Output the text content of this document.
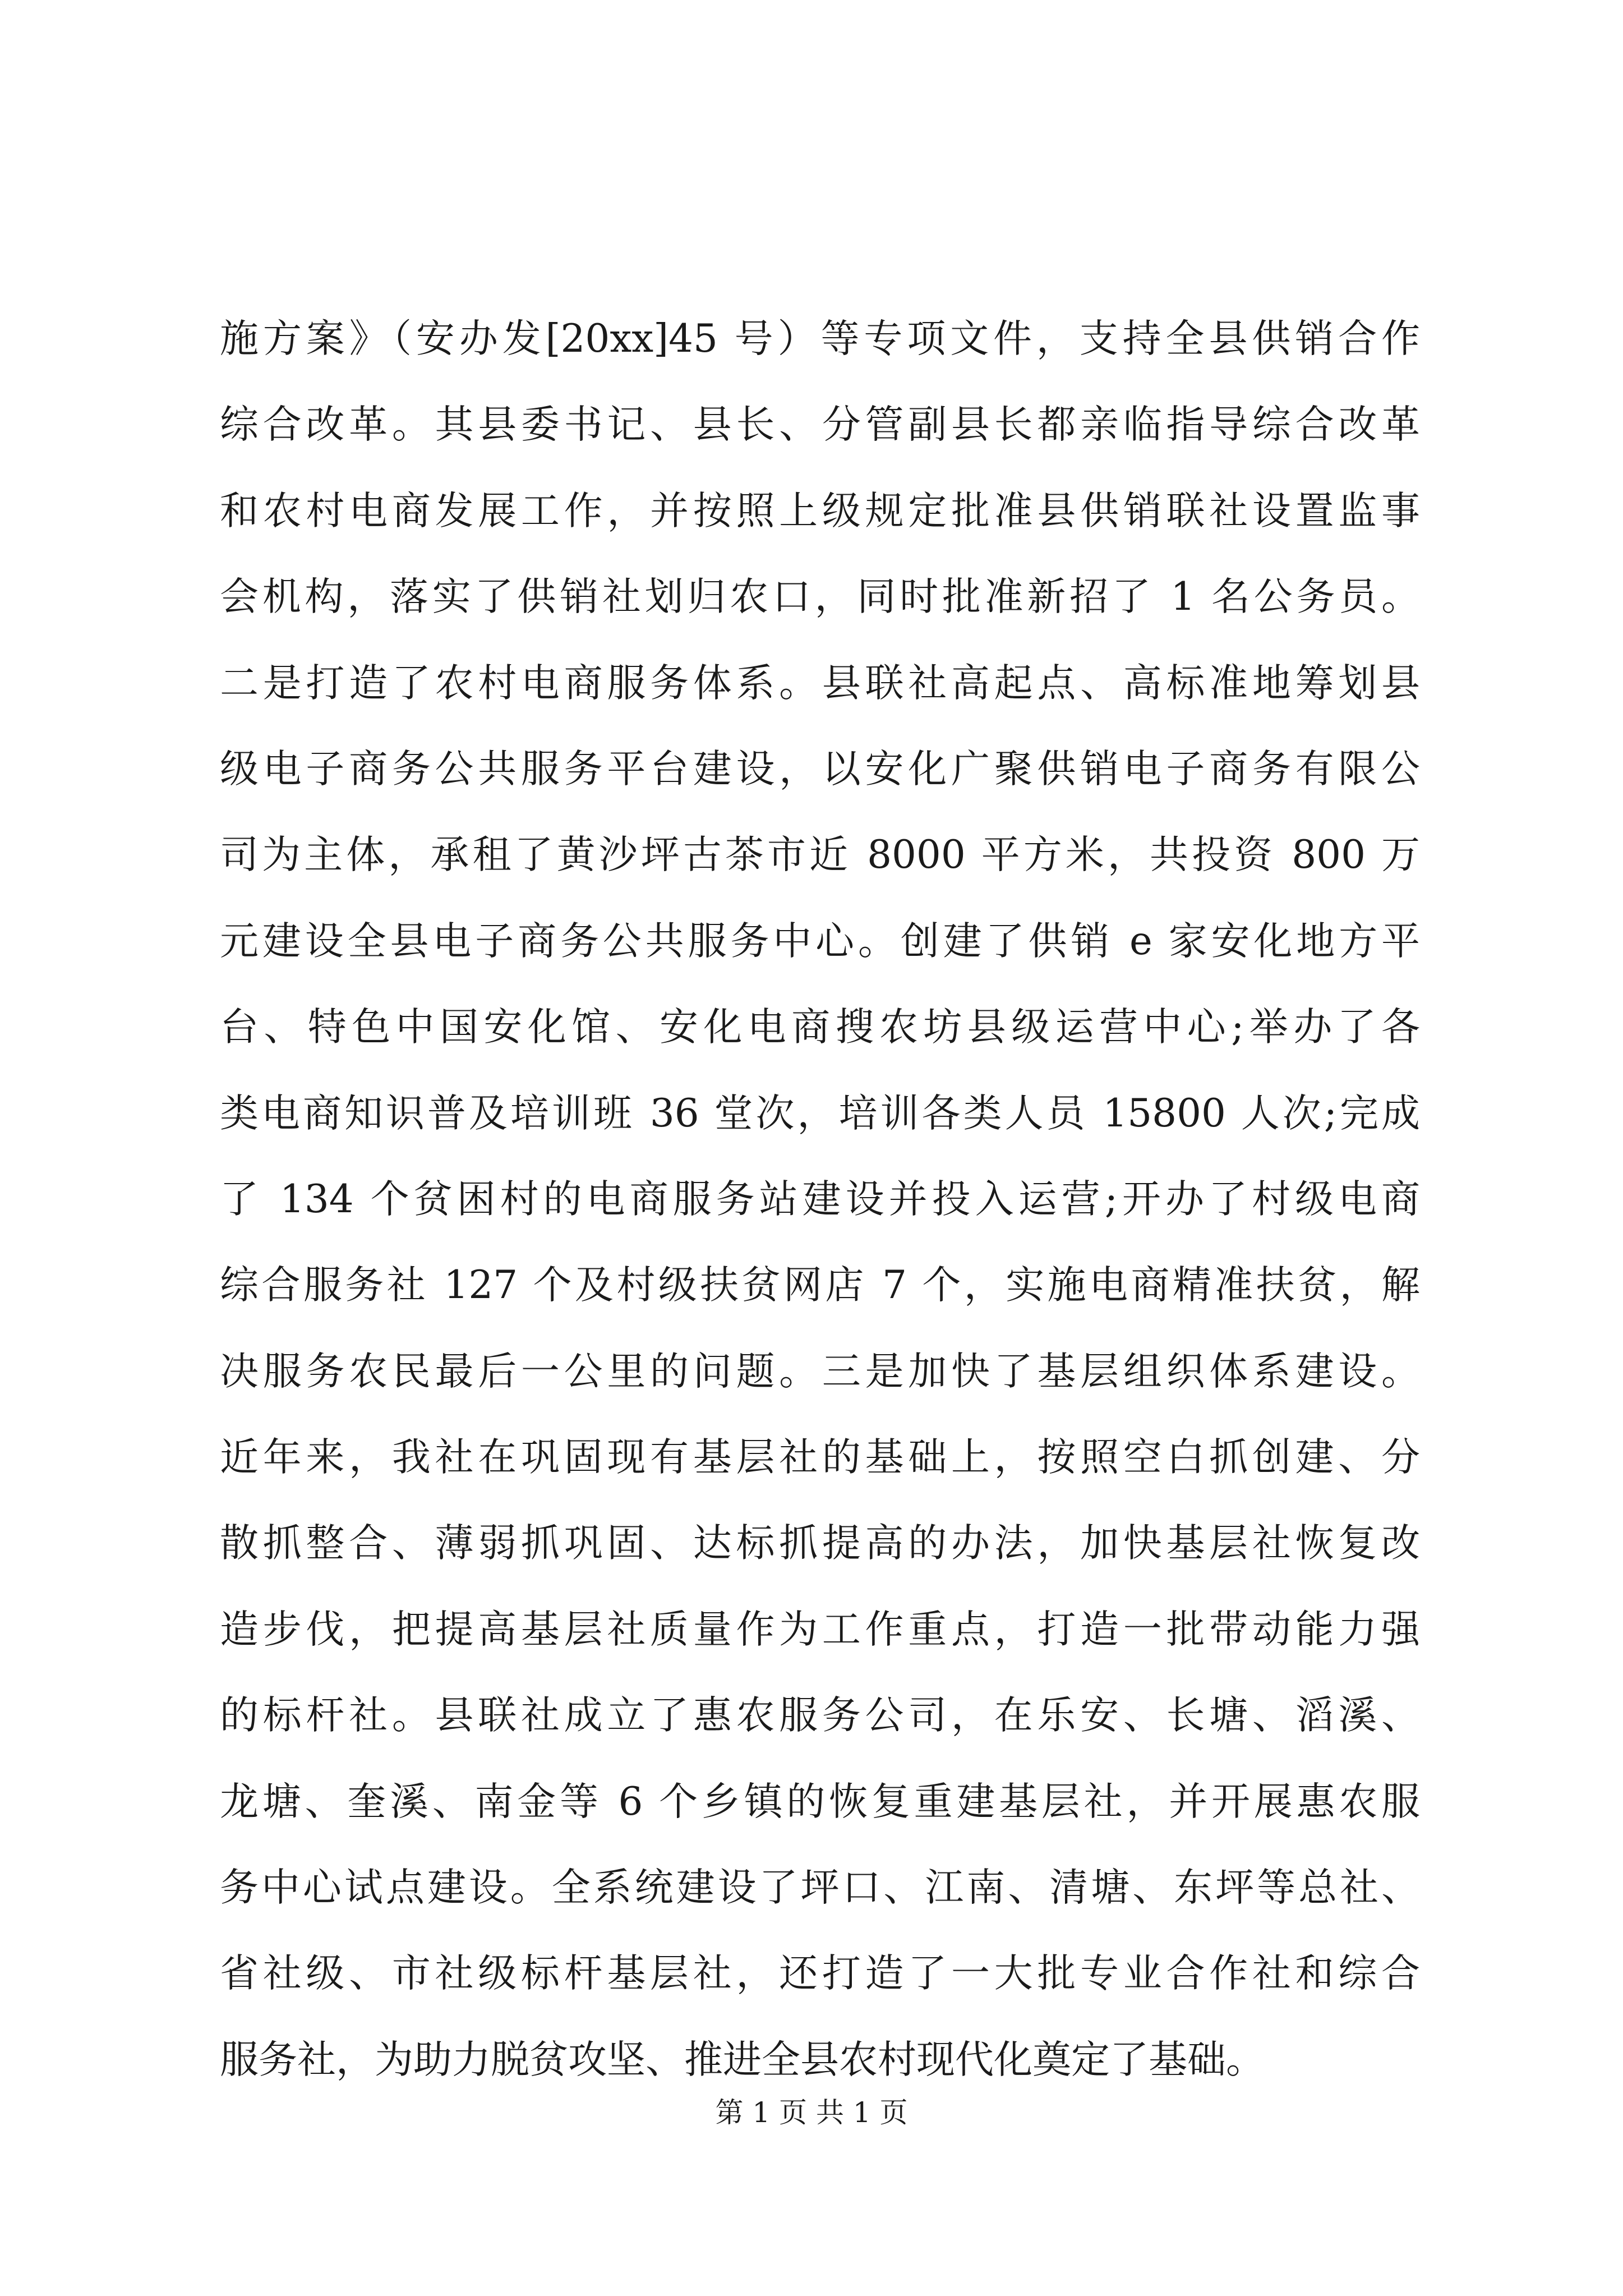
施方案》（安办发[20xx]45 号）等专项文件，支持全县供销合作
综合改革。其县委书记、县长、分管副县长都亲临指导综合改革
和农村电商发展工作，并按照上级规定批准县供销联社设置监事
会机构，落实了供销社划归农口，同时批准新招了 1 名公务员。
二是打造了农村电商服务体系。县联社高起点、高标准地筹划县
级电子商务公共服务平台建设，以安化广聚供销电子商务有限公
司为主体，承租了黄沙坪古茶市近 8000 平方米，共投资 800 万
元建设全县电子商务公共服务中心。创建了供销 e 家安化地方平
台、特色中国安化馆、安化电商搜农坊县级运营中心;举办了各
类电商知识普及培训班 36 堂次，培训各类人员 15800 人次;完成
了 134 个贫困村的电商服务站建设并投入运营;开办了村级电商
综合服务社 127 个及村级扶贫网店 7 个，实施电商精准扶贫，解
决服务农民最后一公里的问题。三是加快了基层组织体系建设。
近年来，我社在巩固现有基层社的基础上，按照空白抓创建、分
散抓整合、薄弱抓巩固、达标抓提高的办法，加快基层社恢复改
造步伐，把提高基层社质量作为工作重点，打造一批带动能力强
的标杆社。县联社成立了惠农服务公司，在乐安、长塘、滔溪、
龙塘、奎溪、南金等 6 个乡镇的恢复重建基层社，并开展惠农服
务中心试点建设。全系统建设了坪口、江南、清塘、东坪等总社、
省社级、市社级标杆基层社，还打造了一大批专业合作社和综合
服务社，为助力脱贫攻坚、推进全县农村现代化奠定了基础。
第 1 页 共 1 页
